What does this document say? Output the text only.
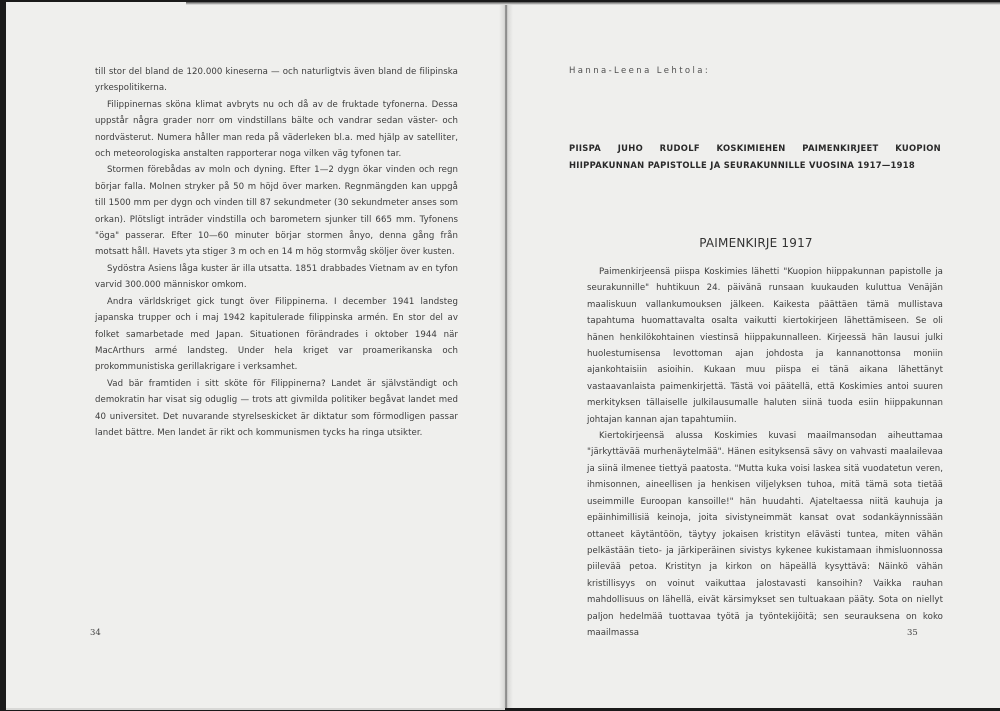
till stor del bland de 120.000 kineserna — och naturligtvis även bland de filipinska yrkespolitikerna.

Filippinernas sköna klimat avbryts nu och då av de fruktade tyfonerna. Dessa uppstår några grader norr om vindstillans bälte och vandrar sedan väster- och nordvästerut. Numera håller man reda på väderleken bl.a. med hjälp av satelliter, och meteorologiska anstalten rapporterar noga vilken väg tyfonen tar.

Stormen förebådas av moln och dyning. Efter 1—2 dygn ökar vinden och regn börjar falla. Molnen stryker på 50 m höjd över marken. Regnmängden kan uppgå till 1500 mm per dygn och vinden till 87 sekundmeter (30 sekundmeter anses som orkan). Plötsligt inträder vindstilla och barometern sjunker till 665 mm. Tyfonens "öga" passerar. Efter 10—60 minuter börjar stormen ånyo, denna gång från motsatt håll. Havets yta stiger 3 m och en 14 m hög stormvåg sköljer över kusten.

Sydöstra Asiens låga kuster är illa utsatta. 1851 drabbades Vietnam av en tyfon varvid 300.000 människor omkom.

Andra världskriget gick tungt över Filippinerna. I december 1941 landsteg japanska trupper och i maj 1942 kapitulerade filippinska armén. En stor del av folket samarbetade med Japan. Situationen förändrades i oktober 1944 när MacArthurs armé landsteg. Under hela kriget var proamerikanska och prokommunistiska gerillakrigare i verksamhet.

Vad bär framtiden i sitt sköte för Filippinerna? Landet är självständigt och demokratin har visat sig oduglig — trots att givmilda politiker begåvat landet med 40 universitet. Det nuvarande styrelseskicket är diktatur som förmodligen passar landet bättre. Men landet är rikt och kommunismen tycks ha ringa utsikter.

34
Hanna-Leena Lehtola:
PIISPA JUHO RUDOLF KOSKIMIEHEN PAIMENKIRJEET KUOPION HIIPPAKUNNAN PAPISTOLLE JA SEURAKUNNILLE VUOSINA 1917—1918
PAIMENKIRJE 1917

Paimenkirjeensä piispa Koskimies lähetti "Kuopion hiippakunnan papistolle ja seurakunnille" huhtikuun 24. päivänä runsaan kuukauden kuluttua Venäjän maaliskuun vallankumouksen jälkeen. Kaikesta päättäen tämä mullistava tapahtuma huomattavalta osalta vaikutti kiertokirjeen lähettämiseen. Se oli hänen henkilökohtainen viestinsä hiippakunnalleen. Kirjeessä hän lausui julki huolestumisensa levottoman ajan johdosta ja kannanottonsa moniin ajankohtaisiin asioihin. Kukaan muu piispa ei tänä aikana lähettänyt vastaavanlaista paimenkirjettä. Tästä voi päätellä, että Koskimies antoi suuren merkityksen tällaiselle julkilausumalle haluten siinä tuoda esiin hiippakunnan johtajan kannan ajan tapahtumiin.

Kiertokirjeensä alussa Koskimies kuvasi maailmansodan aiheuttamaa "järkyttävää murhenäytelmää". Hänen esityksensä sävy on vahvasti maalailevaa ja siinä ilmenee tiettyä paatosta. "Mutta kuka voisi laskea sitä vuodatetun veren, ihmisonnen, aineellisen ja henkisen viljelyksen tuhoa, mitä tämä sota tietää useimmille Euroopan kansoille!" hän huudahti. Ajateltaessa niitä kauhuja ja epäinhimillisiä keinoja, joita sivistyneimmät kansat ovat sodankäynnissään ottaneet käytäntöön, täytyy jokaisen kristityn elävästi tuntea, miten vähän pelkästään tieto- ja järkiperäinen sivistys kykenee kukistamaan ihmisluonnossa piilevää petoa. Kristityn ja kirkon on häpeällä kysyttävä: Näinkö vähän kristillisyys on voinut vaikuttaa jalostavasti kansoihin? Vaikka rauhan mahdollisuus on lähellä, eivät kärsimykset sen tultuakaan pääty. Sota on niellyt paljon hedelmää tuottavaa työtä ja työntekijöitä; sen seurauksena on koko maailmassa	35
